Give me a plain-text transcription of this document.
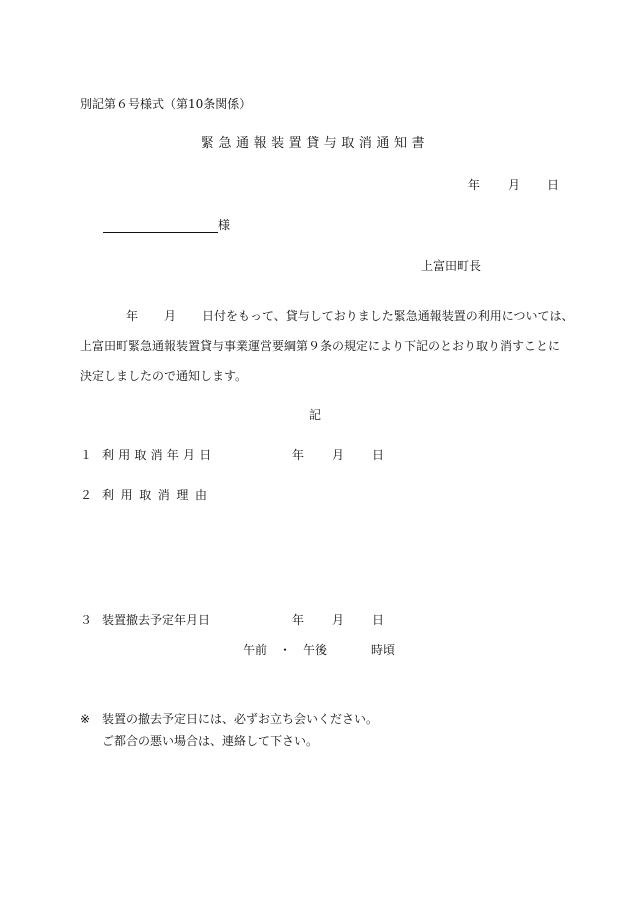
別記第６号様式（第10条関係）
緊急通報装置貸与取消通知書
年 月 日
様
上富田町長

年 月 日付をもって、貸与しておりました緊急通報装置の利用については、

上富田町緊急通報装置貸与事業運営要綱第９条の規定により下記のとおり取り消すことに

決定しましたので通知します。

記
１ 利用取消年月日	年 月 日
２ 利用取消理由
３ 装置撤去予定年月日	年 月 日
午前 ・ 午後	時頃
※ 装置の撤去予定日には、必ずお立ち会いください。
ご都合の悪い場合は、連絡して下さい。
